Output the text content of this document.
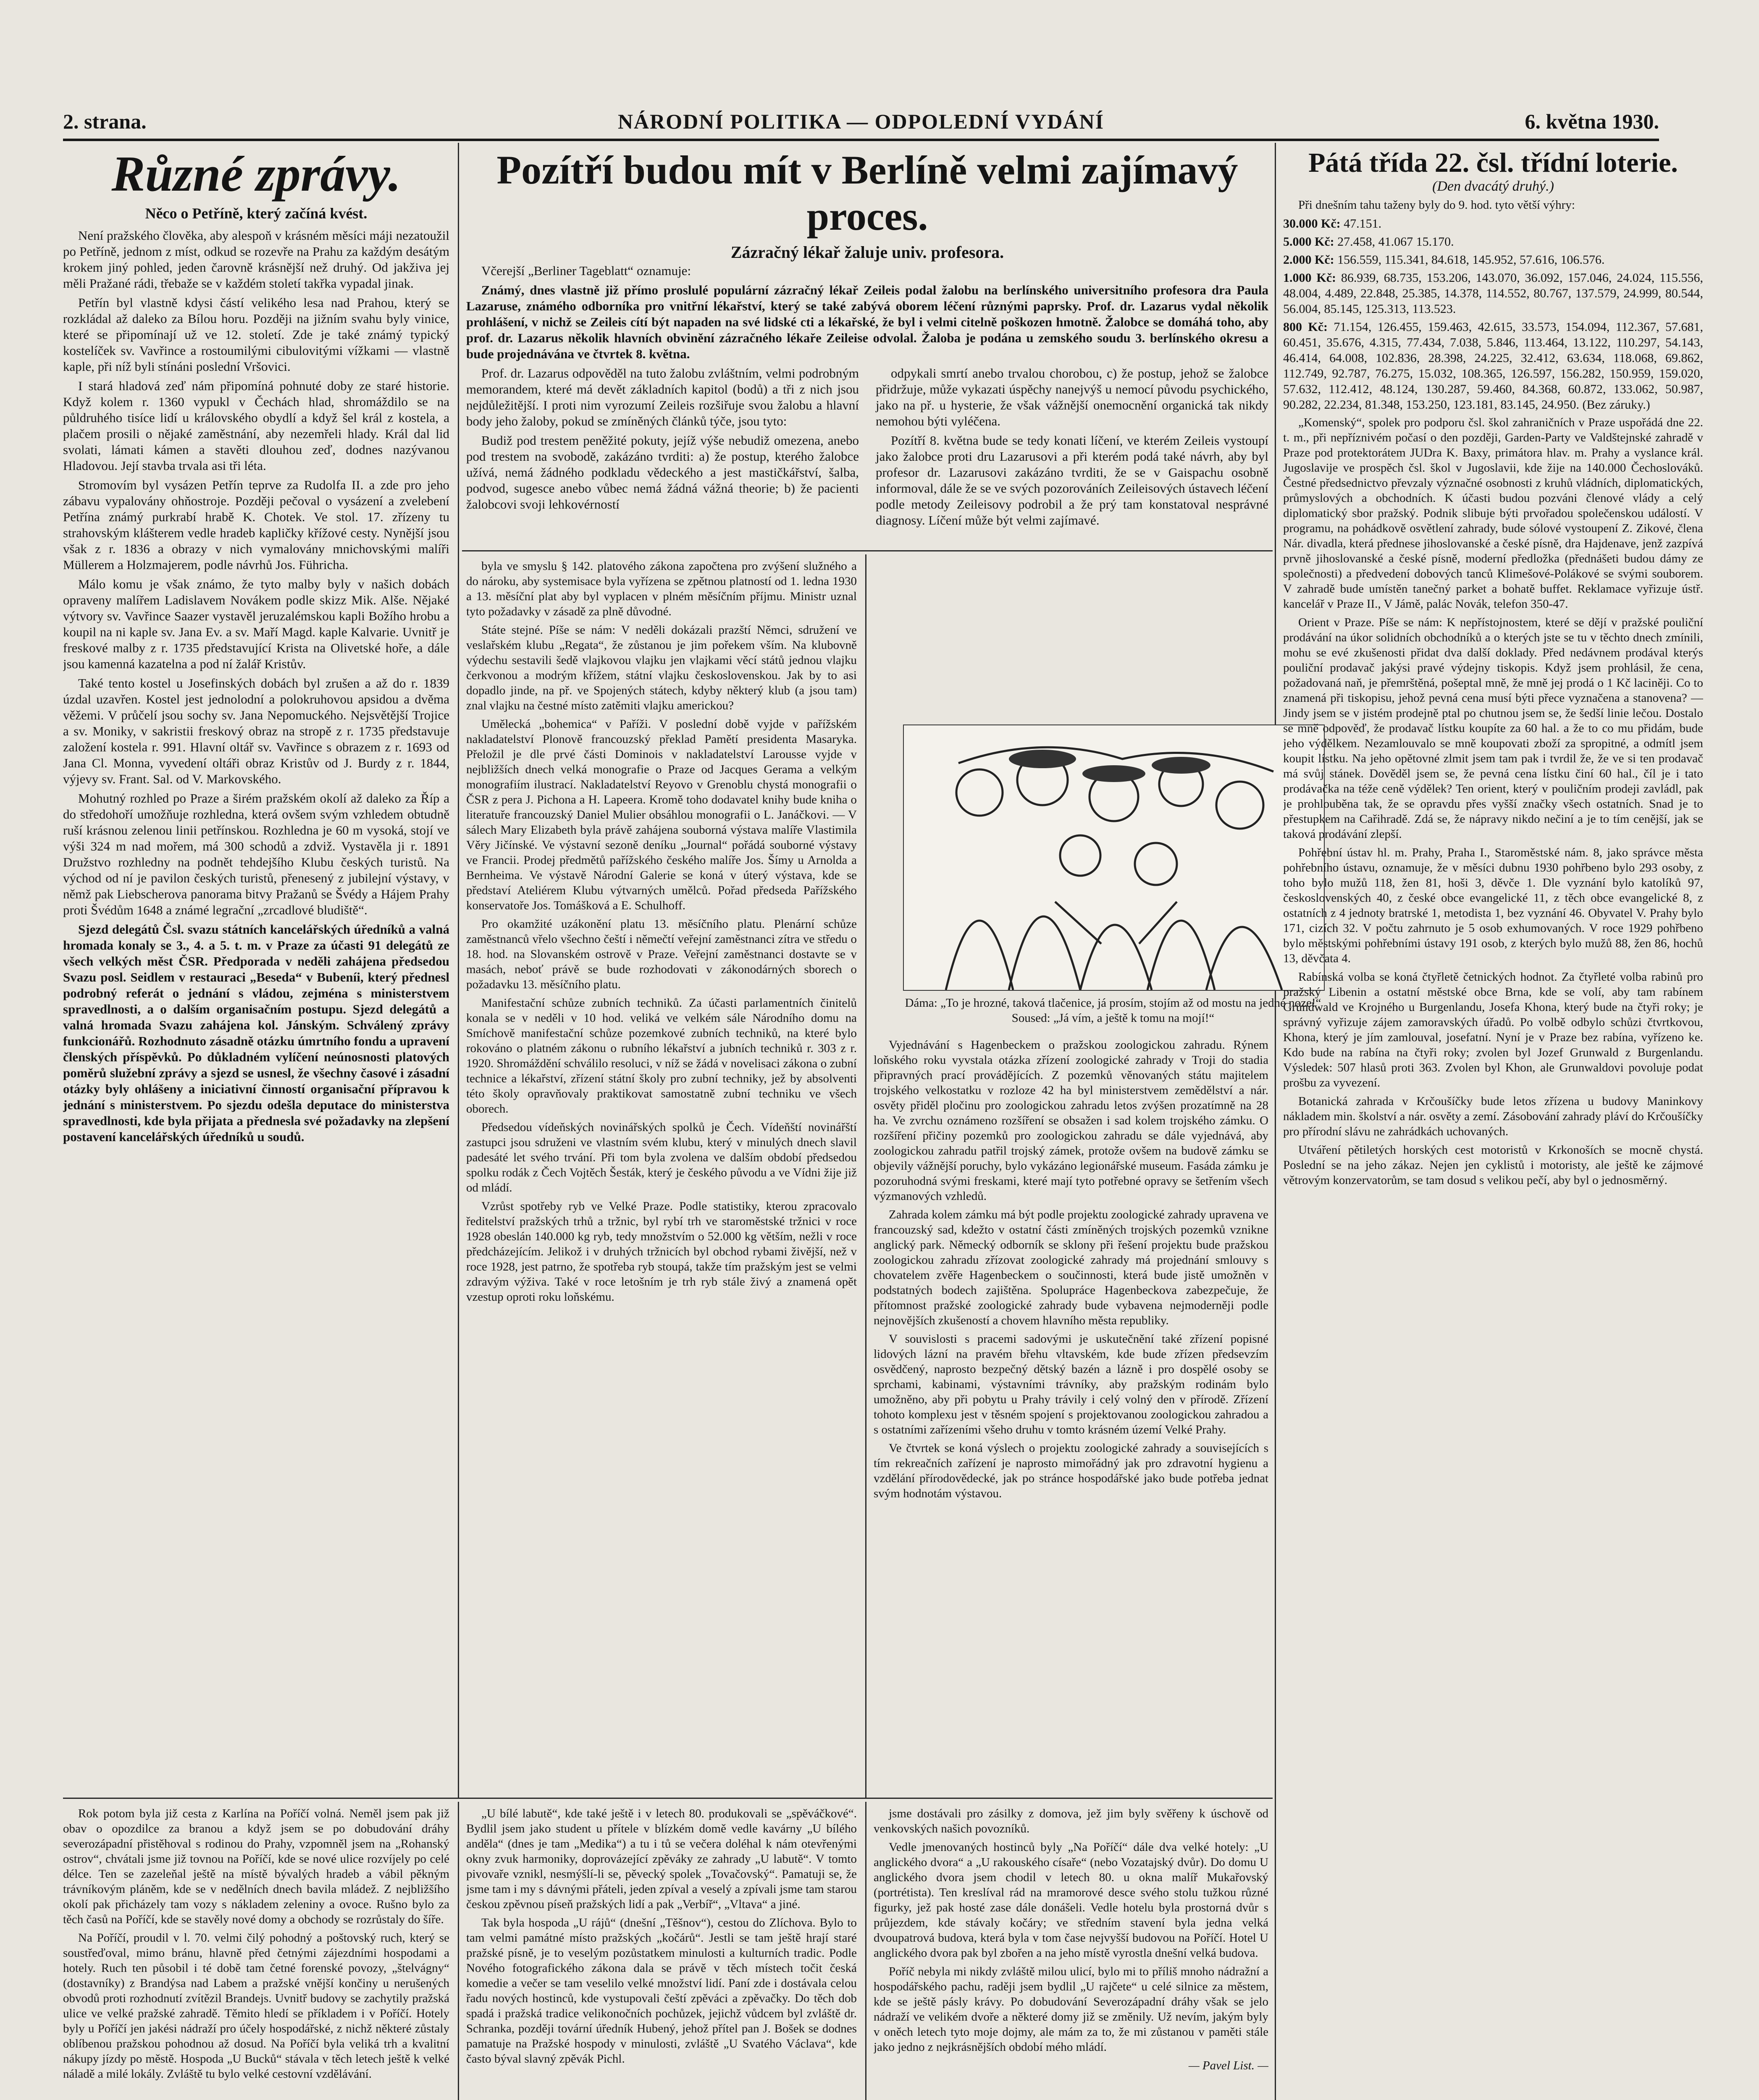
2. strana.	NÁRODNÍ POLITIKA — ODPOLEDNÍ VYDÁNÍ	6. května 1930.
Různé zprávy.
Něco o Petříně, který začíná kvést.

Není pražského člověka, aby alespoň v krásném měsíci máji nezatoužil po Petříně, jednom z míst, odkud se rozevře na Prahu za každým desátým krokem jiný pohled, jeden čarovně krásnější než druhý. Od jakživa jej měli Pražané rádi, třebaže se v každém století takřka vypadal jinak.

Petřín byl vlastně kdysi částí velikého lesa nad Prahou, který se rozkládal až daleko za Bílou horu. Později na jižním svahu byly vinice, které se připomínají už ve 12. století. Zde je také známý typický kostelíček sv. Vavřince a rostoumilými cibulovitými vížkami — vlastně kaple, při níž byli stínáni poslední Vršovici.

I stará hladová zeď nám připomíná pohnuté doby ze staré historie. Když kolem r. 1360 vypukl v Čechách hlad, shromáždilo se na půldruhého tisíce lidí u královského obydlí a když šel král z kostela, a plačem prosili o nějaké zaměstnání, aby nezemřeli hlady. Král dal lid svolati, lámati kámen a stavěti dlouhou zeď, dodnes nazývanou Hladovou. Její stavba trvala asi tři léta.

Stromovím byl vysázen Petřín teprve za Rudolfa II. a zde pro jeho zábavu vypalovány ohňostroje. Později pečoval o vysázení a zvelebení Petřína známý purkrabí hrabě K. Chotek. Ve stol. 17. zřízeny tu strahovským klášterem vedle hradeb kapličky křížové cesty. Nynější jsou však z r. 1836 a obrazy v nich vymalovány mnichovskými malíři Müllerem a Holzmajerem, podle návrhů Jos. Führicha.

Málo komu je však známo, že tyto malby byly v našich dobách opraveny malířem Ladislavem Novákem podle skizz Mik. Alše. Nějaké výtvory sv. Vavřince Saazer vystavěl jeruzalémskou kapli Božího hrobu a koupil na ni kaple sv. Jana Ev. a sv. Maří Magd. kaple Kalvarie. Uvnitř je freskové malby z r. 1735 představující Krista na Olivetské hoře, a dále jsou kamenná kazatelna a pod ní žalář Kristův.

Také tento kostel u Josefinských dobách byl zrušen a až do r. 1839 úzdal uzavřen. Kostel jest jednolodní a polokruhovou apsidou a dvěma věžemi. V průčelí jsou sochy sv. Jana Nepomuckého. Nejsvětější Trojice a sv. Moniky, v sakristii freskový obraz na stropě z r. 1735 představuje založení kostela r. 991. Hlavní oltář sv. Vavřince s obrazem z r. 1693 od Jana Cl. Monna, vyvedení oltáři obraz Kristův od J. Burdy z r. 1844, výjevy sv. Frant. Sal. od V. Markovského.

Mohutný rozhled po Praze a širém pražském okolí až daleko za Říp a do středohoří umožňuje rozhledna, která ovšem svým vzhledem obtudně ruší krásnou zelenou linii petřínskou. Rozhledna je 60 m vysoká, stojí ve výši 324 m nad mořem, má 300 schodů a zdviž. Vystavěla ji r. 1891 Družstvo rozhledny na podnět tehdejšího Klubu českých turistů. Na východ od ní je pavilon českých turistů, přenesený z jubilejní výstavy, v němž pak Liebscherova panorama bitvy Pražanů se Švédy a Hájem Prahy proti Švédům 1648 a známé legrační „zrcadlové bludiště“.

Sjezd delegátů Čsl. svazu státních kancelářských úředníků a valná hromada konaly se 3., 4. a 5. t. m. v Praze za účasti 91 delegátů ze všech velkých měst ČSR. Předporada v neděli zahájena předsedou Svazu posl. Seidlem v restauraci „Beseda“ v Bubeníi, který přednesl podrobný referát o jednání s vládou, zejména s ministerstvem spravedlnosti, a o dalším organisačním postupu. Sjezd delegátů a valná hromada Svazu zahájena kol. Jánským. Schválený zprávy funkcionářů. Rozhodnuto zásadně otázku úmrtního fondu a upravení členských příspěvků. Po důkladném vylíčení neúnosnosti platových poměrů služební zprávy a sjezd se usnesl, že všechny časové i zásadní otázky byly ohlášeny a iniciativní činností organisační přípravou k jednání s ministerstvem. Po sjezdu odešla deputace do ministerstva spravedlnosti, kde byla přijata a přednesla své požadavky na zlepšení postavení kancelářských úředníků u soudů.

Pozítří budou mít v Berlíně velmi zajímavý proces.
Zázračný lékař žaluje univ. profesora.

Včerejší „Berliner Tageblatt“ oznamuje:

Známý, dnes vlastně již přímo proslulé populární zázračný lékař Zeileis podal žalobu na berlínského universitního profesora dra Paula Lazaruse, známého odborníka pro vnitřní lékařství, který se také zabývá oborem léčení různými paprsky. Prof. dr. Lazarus vydal několik prohlášení, v nichž se Zeileis cítí být napaden na své lidské cti a lékařské, že byl i velmi citelně poškozen hmotně. Žalobce se domáhá toho, aby prof. dr. Lazarus několik hlavních obvinění zázračného lékaře Zeileise odvolal. Žaloba je podána u zemského soudu 3. berlínského okresu a bude projednávána ve čtvrtek 8. května.

Prof. dr. Lazarus odpověděl na tuto žalobu zvláštním, velmi podrobným memorandem, které má devět základních kapitol (bodů) a tři z nich jsou nejdůležitější. I proti nim vyrozumí Zeileis rozšiřuje svou žalobu a hlavní body jeho žaloby, pokud se zmíněných článků týče, jsou tyto:

Budiž pod trestem peněžité pokuty, jejíž výše nebudiž omezena, anebo pod trestem na svobodě, zakázáno tvrditi: a) že postup, kterého žalobce užívá, nemá žádného podkladu vědeckého a jest mastičkářství, šalba, podvod, sugesce anebo vůbec nemá žádná vážná theorie; b) že pacienti žalobcovi svoji lehkovérností

odpykali smrtí anebo trvalou chorobou, c) že postup, jehož se žalobce přidržuje, může vykazati úspěchy nanejvýš u nemocí původu psychického, jako na př. u hysterie, že však vážnější onemocnění organická tak nikdy nemohou býti vyléčena.

Pozítří 8. května bude se tedy konati líčení, ve kterém Zeileis vystoupí jako žalobce proti dru Lazarusovi a při kterém podá také návrh, aby byl profesor dr. Lazarusovi zakázáno tvrditi, že se v Gaispachu osobně informoval, dále že se ve svých pozorováních Zeileisových ústavech léčení podle metody Zeileisovy podrobil a že prý tam konstatoval nesprávné diagnosy. Líčení může být velmi zajímavé.

byla ve smyslu § 142. platového zákona započtena pro zvýšení služného a do nároku, aby systemisace byla vyřízena se zpětnou platností od 1. ledna 1930 a 13. měsíční plat aby byl vyplacen v plném měsíčním příjmu. Ministr uznal tyto požadavky v zásadě za plně důvodné.

Státe stejné. Píše se nám: V neděli dokázali prazští Němci, sdružení ve veslařském klubu „Regata“, že zůstanou je jim pořekem vším. Na klubovně výdechu sestavili šedě vlajkovou vlajku jen vlajkami věcí států jednou vlajku čerkvonou a modrým křížem, státní vlajku československou. Jak by to asi dopadlo jinde, na př. ve Spojených státech, kdyby některý klub (a jsou tam) znal vlajku na čestné místo zatěmiti vlajku americkou?

Umělecká „bohemica“ v Paříži. V poslední době vyjde v pařížském nakladatelství Plonově francouzský překlad Pamětí presidenta Masaryka. Přeložil je dle prvé části Dominois v nakladatelství Larousse vyjde v nejbližších dnech velká monografie o Praze od Jacques Gerama a velkým monografiím ilustrací. Nakladatelství Reyovo v Grenoblu chystá monografii o ČSR z pera J. Pichona a H. Lapeera. Kromě toho dodavatel knihy bude kniha o literatuře francouzský Daniel Mulier obsáhlou monografii o L. Janáčkovi. — V sálech Mary Elizabeth byla právě zahájena souborná výstava malíře Vlastimila Věry Jičínské. Ve výstavní sezoně deníku „Journal“ pořádá souborné výstavy ve Francii. Prodej předmětů pařížského českého malíře Jos. Šímy u Arnolda a Bernheima. Ve výstavě Národní Galerie se koná v úterý výstava, kde se představí Ateliérem Klubu výtvarných umělců. Pořad předseda Pařížského konservatoře Jos. Tomášková a E. Schulhoff.

Pro okamžité uzákonění platu 13. měsíčního platu. Plenární schůze zaměstnanců vřelo všechno čeští i němečtí veřejní zaměstnanci zítra ve středu o 18. hod. na Slovanském ostrově v Praze. Veřejní zaměstnanci dostavte se v masách, neboť právě se bude rozhodovati v zákonodárných sborech o požadavku 13. měsíčního platu.

Manifestační schůze zubních techniků. Za účasti parlamentních činitelů konala se v neděli v 10 hod. veliká ve velkém sále Národního domu na Smíchově manifestační schůze pozemkové zubních techniků, na které bylo rokováno o platném zákonu o rubního lékařství a jubních techniků r. 303 z r. 1920. Shromáždění schválilo resoluci, v níž se žádá v novelisaci zákona o zubní technice a lékařství, zřízení státní školy pro zubní techniky, jež by absolventi této školy opravňovaly praktikovat samostatně zubní techniku ve všech oborech.

Předsedou vídeňských novinářských spolků je Čech. Vídeňští novinářští zastupci jsou sdruženi ve vlastním svém klubu, který v minulých dnech slavil padesáté let svého trvání. Při tom byla zvolena ve dalším období předsedou spolku rodák z Čech Vojtěch Šesták, který je českého původu a ve Vídni žije již od mládí.

Vzrůst spotřeby ryb ve Velké Praze. Podle statistiky, kterou zpracovalo ředitelství pražských trhů a tržnic, byl rybí trh ve staroměstské tržnici v roce 1928 obeslán 140.000 kg ryb, tedy množstvím o 52.000 kg větším, nežli v roce předcházejícím. Jelikož i v druhých tržnicích byl obchod rybami živější, než v roce 1928, jest patrno, že spotřeba ryb stoupá, takže tím pražským jest se velmi zdravým výživa. Také v roce letošním je trh ryb stále živý a znamená opět vzestup oproti roku loňskému.

Dáma: „To je hrozné, taková tlačenice, já prosím, stojím až od mostu na jedné noze!“ Soused: „Já vím, a ještě k tomu na mojí!“

Vyjednávání s Hagenbeckem o pražskou zoologickou zahradu. Rýnem loňského roku vyvstala otázka zřízení zoologické zahrady v Troji do stadia připravných prací provádějících. Z pozemků věnovaných státu majitelem trojského velkostatku v rozloze 42 ha byl ministerstvem zemědělství a nár. osvěty přiděl pločinu pro zoologickou zahradu letos zvýšen prozatímně na 28 ha. Ve zvrchu oznámeno rozšíření se obsažen i sad kolem trojského zámku. O rozšíření přičiny pozemků pro zoologickou zahradu se dále vyjednává, aby zoologickou zahradu patřil trojský zámek, protože ovšem na budově zámku se objevily vážnější poruchy, bylo vykázáno legionářské museum. Fasáda zámku je pozoruhodná svými freskami, které mají tyto potřebné opravy se šetřením všech výzmanových vzhledů.

Zahrada kolem zámku má být podle projektu zoologické zahrady upravena ve francouzský sad, kdežto v ostatní části zmíněných trojských pozemků vznikne anglický park. Německý odborník se sklony při řešení projektu bude pražskou zoologickou zahradu zřízovat zoologické zahrady má projednání smlouvy s chovatelem zvěře Hagenbeckem o součinnosti, která bude jistě umožněn v podstatných bodech zajištěna. Spolupráce Hagenbeckova zabezpečuje, že přítomnost pražské zoologické zahrady bude vybavena nejmoderněji podle nejnovějších zkušeností a chovem hlavního města republiky.

V souvislosti s pracemi sadovými je uskutečnění také zřízení popisné lidových lázní na pravém břehu vltavském, kde bude zřízen předsevzím osvědčený, naprosto bezpečný dětský bazén a lázně i pro dospělé osoby se sprchami, kabinami, výstavními trávníky, aby pražským rodinám bylo umožněno, aby při pobytu u Prahy trávily i celý volný den v přírodě. Zřízení tohoto komplexu jest v těsném spojení s projektovanou zoologickou zahradou a s ostatními zařízeními všeho druhu v tomto krásném území Velké Prahy.

Ve čtvrtek se koná výslech o projektu zoologické zahrady a souvisejících s tím rekreačních zařízení je naprosto mimořádný jak pro zdravotní hygienu a vzdělání přírodovědecké, jak po stránce hospodářské jako bude potřeba jednat svým hodnotám výstavou.

Pátá třída 22. čsl. třídní loterie.
(Den dvacátý druhý.)

Při dnešním tahu taženy byly do 9. hod. tyto větší výhry:

30.000 Kč: 47.151.
5.000 Kč: 27.458, 41.067 15.170.
2.000 Kč: 156.559, 115.341, 84.618, 145.952, 57.616, 106.576.
1.000 Kč: 86.939, 68.735, 153.206, 143.070, 36.092, 157.046, 24.024, 115.556, 48.004, 4.489, 22.848, 25.385, 14.378, 114.552, 80.767, 137.579, 24.999, 80.544, 56.004, 85.145, 125.313, 113.523.
800 Kč: 71.154, 126.455, 159.463, 42.615, 33.573, 154.094, 112.367, 57.681, 60.451, 35.676, 4.315, 77.434, 7.038, 5.846, 113.464, 13.122, 110.297, 54.143, 46.414, 64.008, 102.836, 28.398, 24.225, 32.412, 63.634, 118.068, 69.862, 112.749, 92.787, 76.275, 15.032, 108.365, 126.597, 156.282, 150.959, 159.020, 57.632, 112.412, 48.124, 130.287, 59.460, 84.368, 60.872, 133.062, 50.987, 90.282, 22.234, 81.348, 153.250, 123.181, 83.145, 24.950. (Bez záruky.)

„Komenský“, spolek pro podporu čsl. škol zahraničních v Praze uspořádá dne 22. t. m., při nepříznivém počasí o den později, Garden-Party ve Valdštejnské zahradě v Praze pod protektorátem JUDra K. Baxy, primátora hlav. m. Prahy a vyslance král. Jugoslavije ve prospěch čsl. škol v Jugoslavii, kde žije na 140.000 Čechoslováků. Čestné předsednictvo převzaly význačné osobnosti z kruhů vládních, diplomatických, průmyslových a obchodních. K účasti budou pozváni členové vlády a celý diplomatický sbor pražský. Podnik slibuje býti prvořadou společenskou událostí. V programu, na pohádkově osvětlení zahrady, bude sólové vystoupení Z. Zikové, člena Nár. divadla, která přednese jihoslovanské a české písně, dra Hajdenave, jenž zazpívá prvně jihoslovanské a české písně, moderní předložka (přednášeti budou dámy ze společnosti) a předvedení dobových tanců Klimešové-Polákové se svými souborem. V zahradě bude umístěn tanečný parket a bohatě buffet. Reklamace vyřizuje ústř. kancelář v Praze II., V Jámě, palác Novák, telefon 350-47.

Orient v Praze. Píše se nám: K nepřístojnostem, které se dějí v pražské pouliční prodávání na úkor solidních obchodníků a o kterých jste se tu v těchto dnech zmínili, mohu se evé zkušenosti přidat dva další doklady. Před nedávnem prodával kterýs pouliční prodavač jakýsi pravé výdejny tiskopis. Když jsem prohlásil, že cena, požadovaná naň, je přemrštěná, pošeptal mně, že mně jej prodá o 1 Kč laciněji. Co to znamená při tiskopisu, jehož pevná cena musí býti přece vyznačena a stanovena? — Jindy jsem se v jistém prodejně ptal po chutnou jsem se, že šedší linie lečou. Dostalo se mně odpověď, že prodavač lístku koupíte za 60 hal. a že to co mu přidám, bude jeho výdělkem. Nezamlouvalo se mně koupovati zboží za spropitné, a odmítl jsem koupit lístku. Na jeho opětovné zlmit jsem tam pak i tvrdil že, že ve si ten prodavač má svůj stánek. Dověděl jsem se, že pevná cena lístku činí 60 hal., číl je i tato prodávačka na téže ceně výdělek? Ten orient, který v pouličním prodeji zavládl, pak je prohlouběna tak, že se opravdu přes vyšší značky všech ostatních. Snad je to přestupkem na Cařihradě. Zdá se, že nápravy nikdo nečiní a je to tím cenější, jak se taková prodávání zlepší.

Pohřební ústav hl. m. Prahy, Praha I., Staroměstské nám. 8, jako správce města pohřebního ústavu, oznamuje, že v měsíci dubnu 1930 pohřbeno bylo 293 osoby, z toho bylo mužů 118, žen 81, hoši 3, děvče 1. Dle vyznání bylo katolíků 97, československých 40, z české obce evangelické 11, z těch obce evangelické 8, z ostatních z 4 jednoty bratrské 1, metodista 1, bez vyznání 46. Obyvatel V. Prahy bylo 171, cizích 32. V počtu zahrnuto je 5 osob exhumovaných. V roce 1929 pohřbeno bylo městskými pohřebními ústavy 191 osob, z kterých bylo mužů 88, žen 86, hochů 13, děvčata 4.

Rabínská volba se koná čtyřletě četnických hodnot. Za čtyřleté volba rabinů pro pražský Libenin a ostatní městské obce Brna, kde se volí, aby tam rabínem Gründwald ve Krojného u Burgenlandu, Josefa Khona, který bude na čtyři roky; je správný vyřizuje zájem zamoravských úřadů. Po volbě odbylo schůzi čtvrtkovou, Khona, který je jím zamlouval, josefatní. Nyní je v Praze bez rabína, vyřízeno ke. Kdo bude na rabína na čtyři roky; zvolen byl Jozef Grunwald z Burgenlandu. Výsledek: 507 hlasů proti 363. Zvolen byl Khon, ale Grunwaldovi povoluje podat prošbu za vyvezení.

Botanická zahrada v Krčoušíčky bude letos zřízena u budovy Maninkovy nákladem min. školství a nár. osvěty a zemí. Zásobování zahrady pláví do Krčoušíčky pro přírodní slávu ne zahrádkách uchovaných.

Utváření pětiletých horských cest motoristů v Krkonoších se mocně chystá. Poslední se na jeho zákaz. Nejen jen cyklistů i motoristy, ale ještě ke zájmové větrovým konzervatorům, se tam dosud s velikou pečí, aby byl o jednosměrný.

Rok potom byla již cesta z Karlína na Poříčí volná. Neměl jsem pak již obav o opozdilce za branou a když jsem se po dobudování dráhy severozápadní přistěhoval s rodinou do Prahy, vzpomněl jsem na „Rohanský ostrov“, chvátali jsme již tovnou na Poříčí, kde se nové ulice rozvíjely po celé délce. Ten se zazeleňal ještě na místě bývalých hradeb a vábil pěkným trávníkovým pláněm, kde se v nedělních dnech bavila mládež. Z nejbližšího okolí pak přicházely tam vozy s nákladem zeleniny a ovoce. Rušno bylo za těch časů na Poříčí, kde se stavěly nové domy a obchody se rozrůstaly do šíře.

Na Poříčí, proudil v l. 70. velmi čilý pohodný a poštovský ruch, který se soustřeďoval, mimo bránu, hlavně před četnými zájezdními hospodami a hotely. Ruch ten působil i té době tam četné forenské povozy, „štelvágny“ (dostavníky) z Brandýsa nad Labem a pražské vnější končiny u nerušených obvodů proti rozhodnutí zvítězil Brandejs. Uvnitř budovy se zachytily pražská ulice ve velké pražské zahradě. Těmito hledí se příkladem i v Poříčí. Hotely byly u Poříčí jen jakési nádraží pro účely hospodářské, z nichž některé zůstaly oblíbenou pražskou pohodnou až dosud. Na Poříčí byla veliká trh a kvalitní nákupy jízdy po městě. Hospoda „U Bucků“ stávala v těch letech ještě k velké náladě a milé lokály. Zvláště tu bylo velké cestovní vzdělávání.

„U bílé labutě“, kde také ještě i v letech 80. produkovali se „spěváčkové“. Bydlil jsem jako student u přítele v blízkém domě vedle kavárny „U bílého anděla“ (dnes je tam „Medika“) a tu i tů se večera doléhal k nám otevřenými okny zvuk harmoniky, doprovázející zpěváky ze zahrady „U labutě“. V tomto pivovaře vznikl, nesmýšlí-li se, pěvecký spolek „Tovačovský“. Pamatuji se, že jsme tam i my s dávnými přáteli, jeden zpíval a veselý a zpívali jsme tam starou českou zpěvnou píseň pražských lidí a pak „Verbíř“, „Vltava“ a jiné.

Tak byla hospoda „U rájů“ (dnešní „Těšnov“), cestou do Zlíchova. Bylo to tam velmi památné místo pražských „kočárů“. Jestli se tam ještě hrají staré pražské písně, je to veselým pozůstatkem minulosti a kulturních tradic. Podle Nového fotografického zákona dala se právě v těch místech točit česká komedie a večer se tam veselilo velké množství lidí. Paní zde i dostávala celou řadu nových hostinců, kde vystupovali čeští zpěváci a zpěvačky. Do těch dob spadá i pražská tradice velikonočních pochůzek, jejichž vůdcem byl zvláště dr. Schranka, později tovární úředník Hubený, jehož přítel pan J. Bošek se dodnes pamatuje na Pražské hospody v minulosti, zvláště „U Svatého Václava“, kde často býval slavný zpěvák Pichl.

jsme dostávali pro zásilky z domova, jež jim byly svěřeny k úschově od venkovských našich povozníků.

Vedle jmenovaných hostinců byly „Na Poříčí“ dále dva velké hotely: „U anglického dvora“ a „U rakouského císaře“ (nebo Vozatajský dvůr). Do domu U anglického dvora jsem chodil v letech 80. u okna malíř Mukařovský (portrétista). Ten kreslíval rád na mramorové desce svého stolu tužkou různé figurky, jež pak hosté zase dále donášeli. Vedle hotelu byla prostorná dvůr s průjezdem, kde stávaly kočáry; ve středním stavení byla jedna velká dvoupatrová budova, která byla v tom čase nejvyšší budovou na Poříčí. Hotel U anglického dvora pak byl zbořen a na jeho místě vyrostla dnešní velká budova.

Poříč nebyla mi nikdy zvláště milou ulicí, bylo mi to příliš mnoho nádražní a hospodářského pachu, raději jsem bydlil „U rajčete“ u celé silnice za městem, kde se ještě pásly krávy. Po dobudování Severozápadní dráhy však se jelo nádraží ve velikém dvoře a některé domy již se změnily. Už nevím, jakým byly v oněch letech tyto moje dojmy, ale mám za to, že mi zůstanou v paměti stále jako jedno z nejkrásnějších období mého mládí.

— Pavel List. —
